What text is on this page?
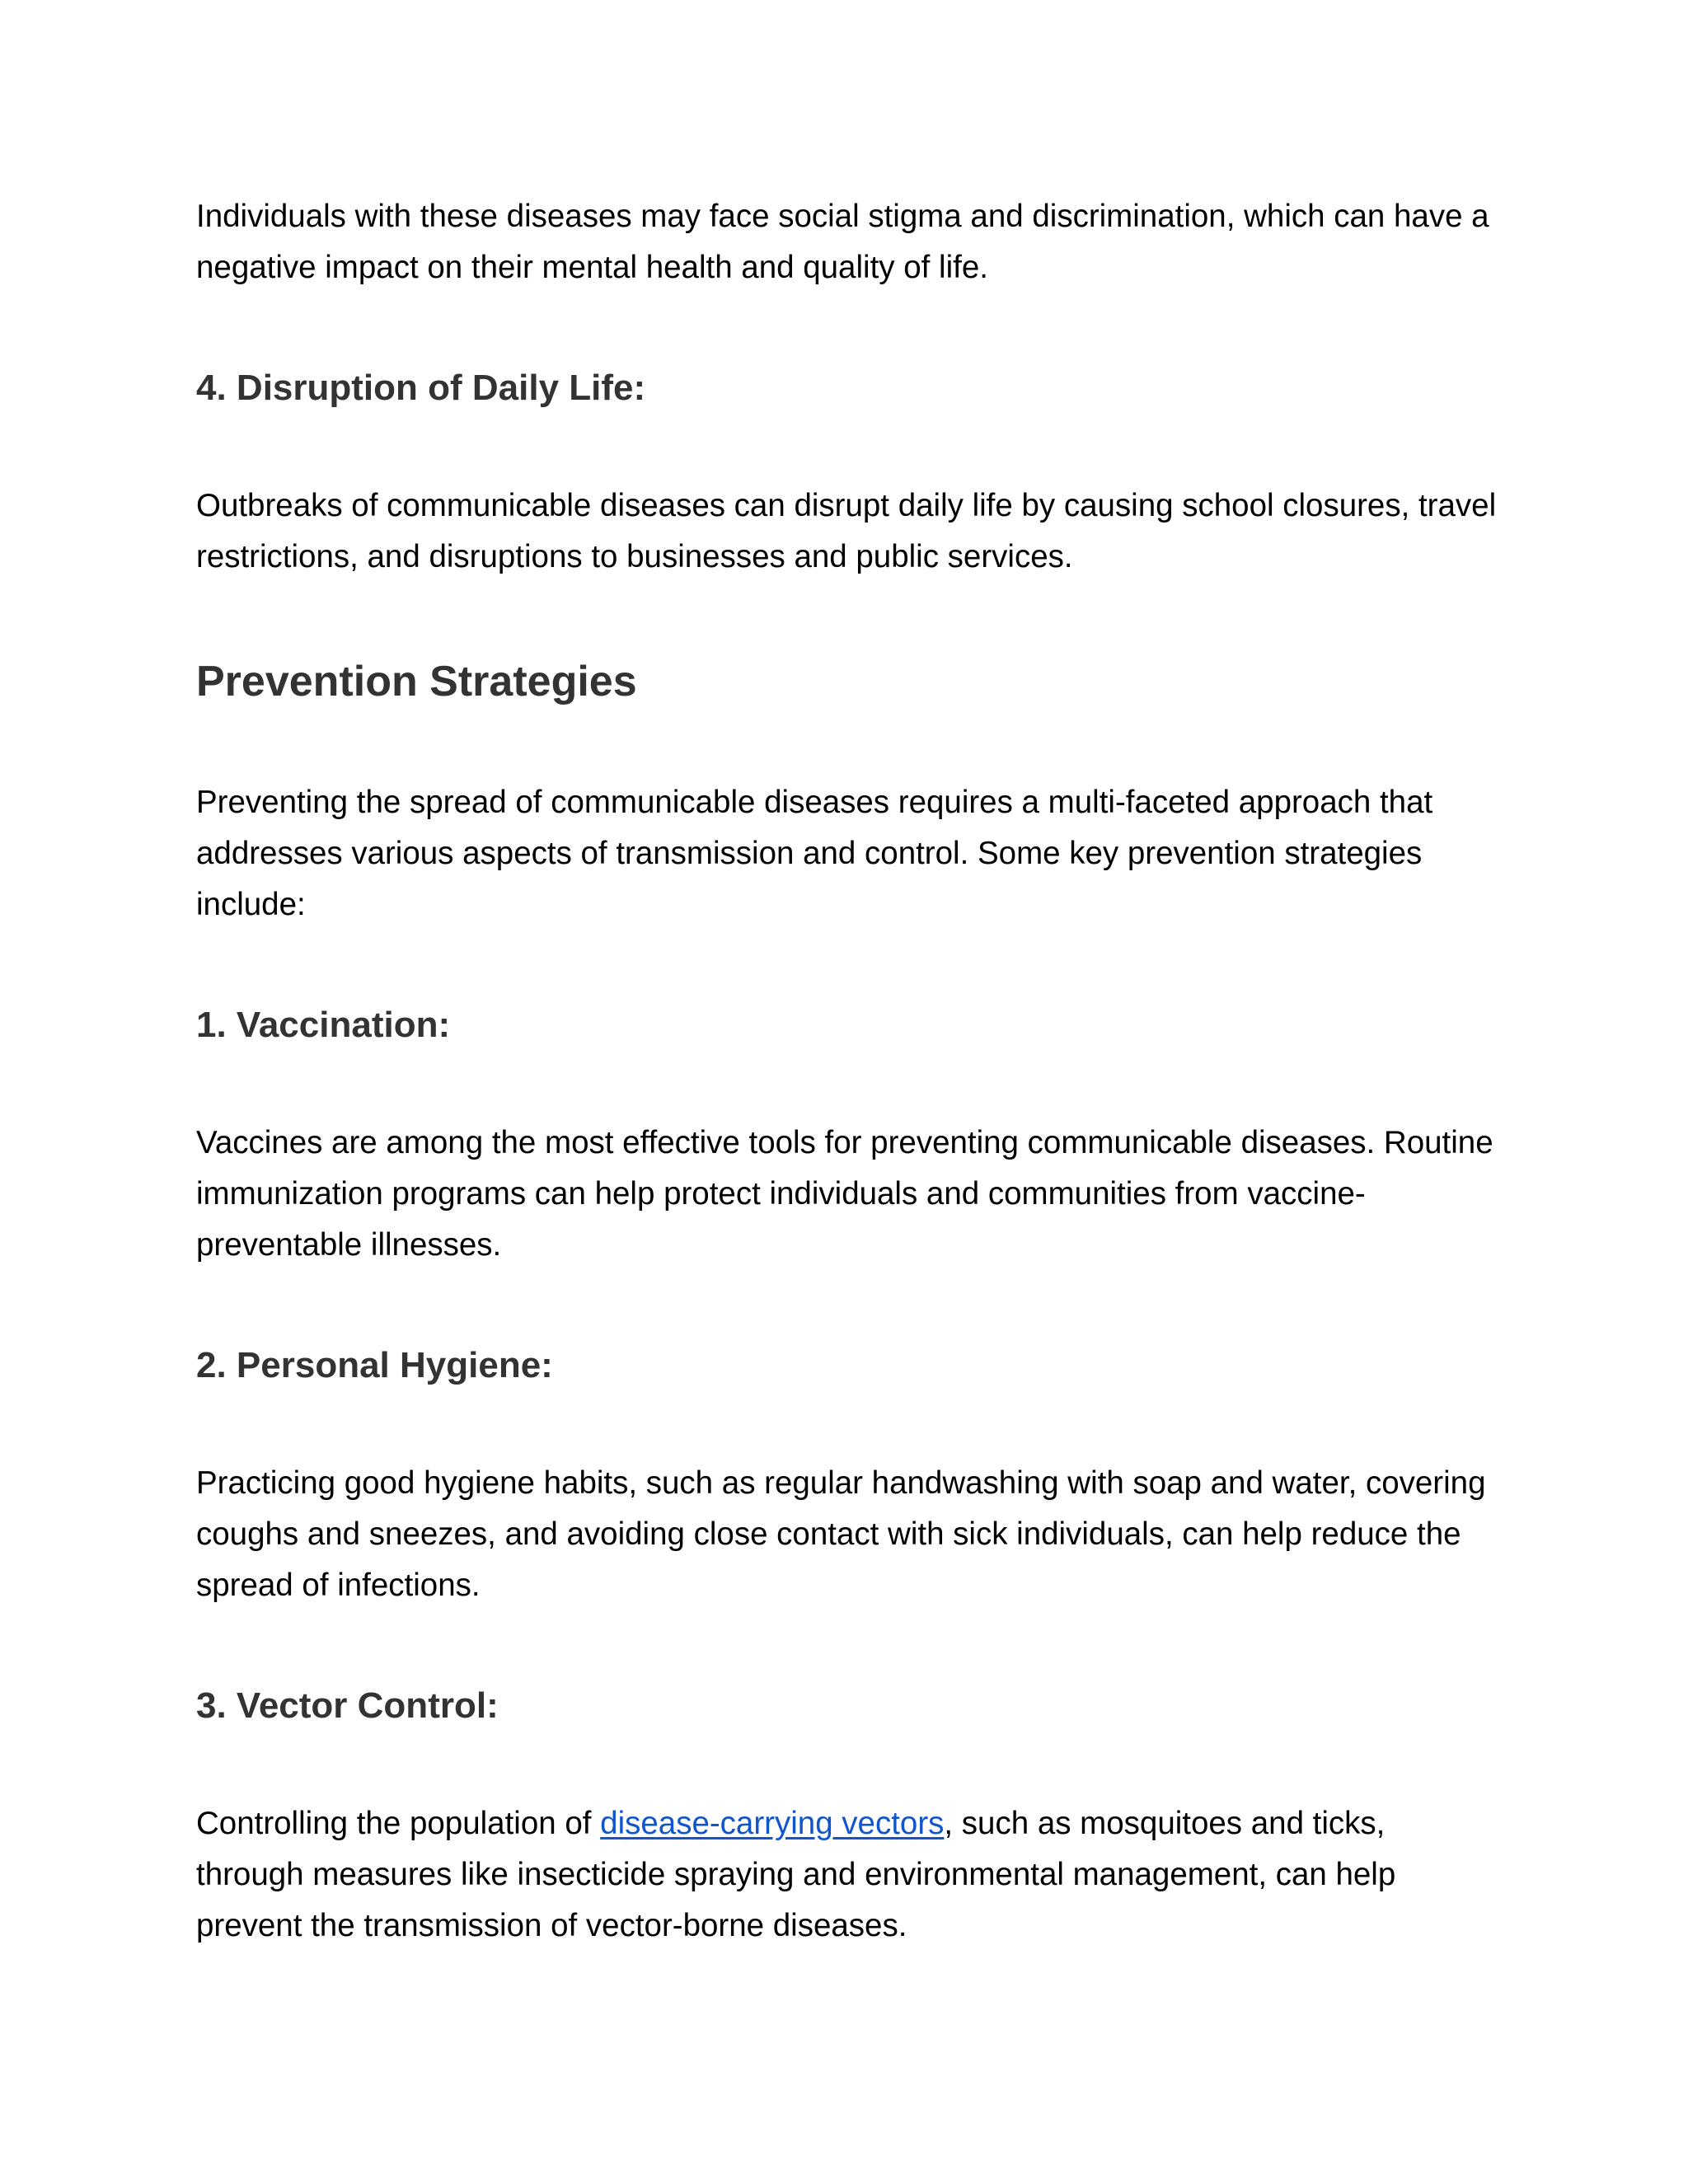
Individuals with these diseases may face social stigma and discrimination, which can have a negative impact on their mental health and quality of life.

4. Disruption of Daily Life:

Outbreaks of communicable diseases can disrupt daily life by causing school closures, travel restrictions, and disruptions to businesses and public services.

Prevention Strategies

Preventing the spread of communicable diseases requires a multi-faceted approach that addresses various aspects of transmission and control. Some key prevention strategies include:

1. Vaccination:

Vaccines are among the most effective tools for preventing communicable diseases. Routine immunization programs can help protect individuals and communities from vaccine-preventable illnesses.

2. Personal Hygiene:

Practicing good hygiene habits, such as regular handwashing with soap and water, covering coughs and sneezes, and avoiding close contact with sick individuals, can help reduce the spread of infections.

3. Vector Control:

Controlling the population of disease-carrying vectors, such as mosquitoes and ticks, through measures like insecticide spraying and environmental management, can help prevent the transmission of vector-borne diseases.
